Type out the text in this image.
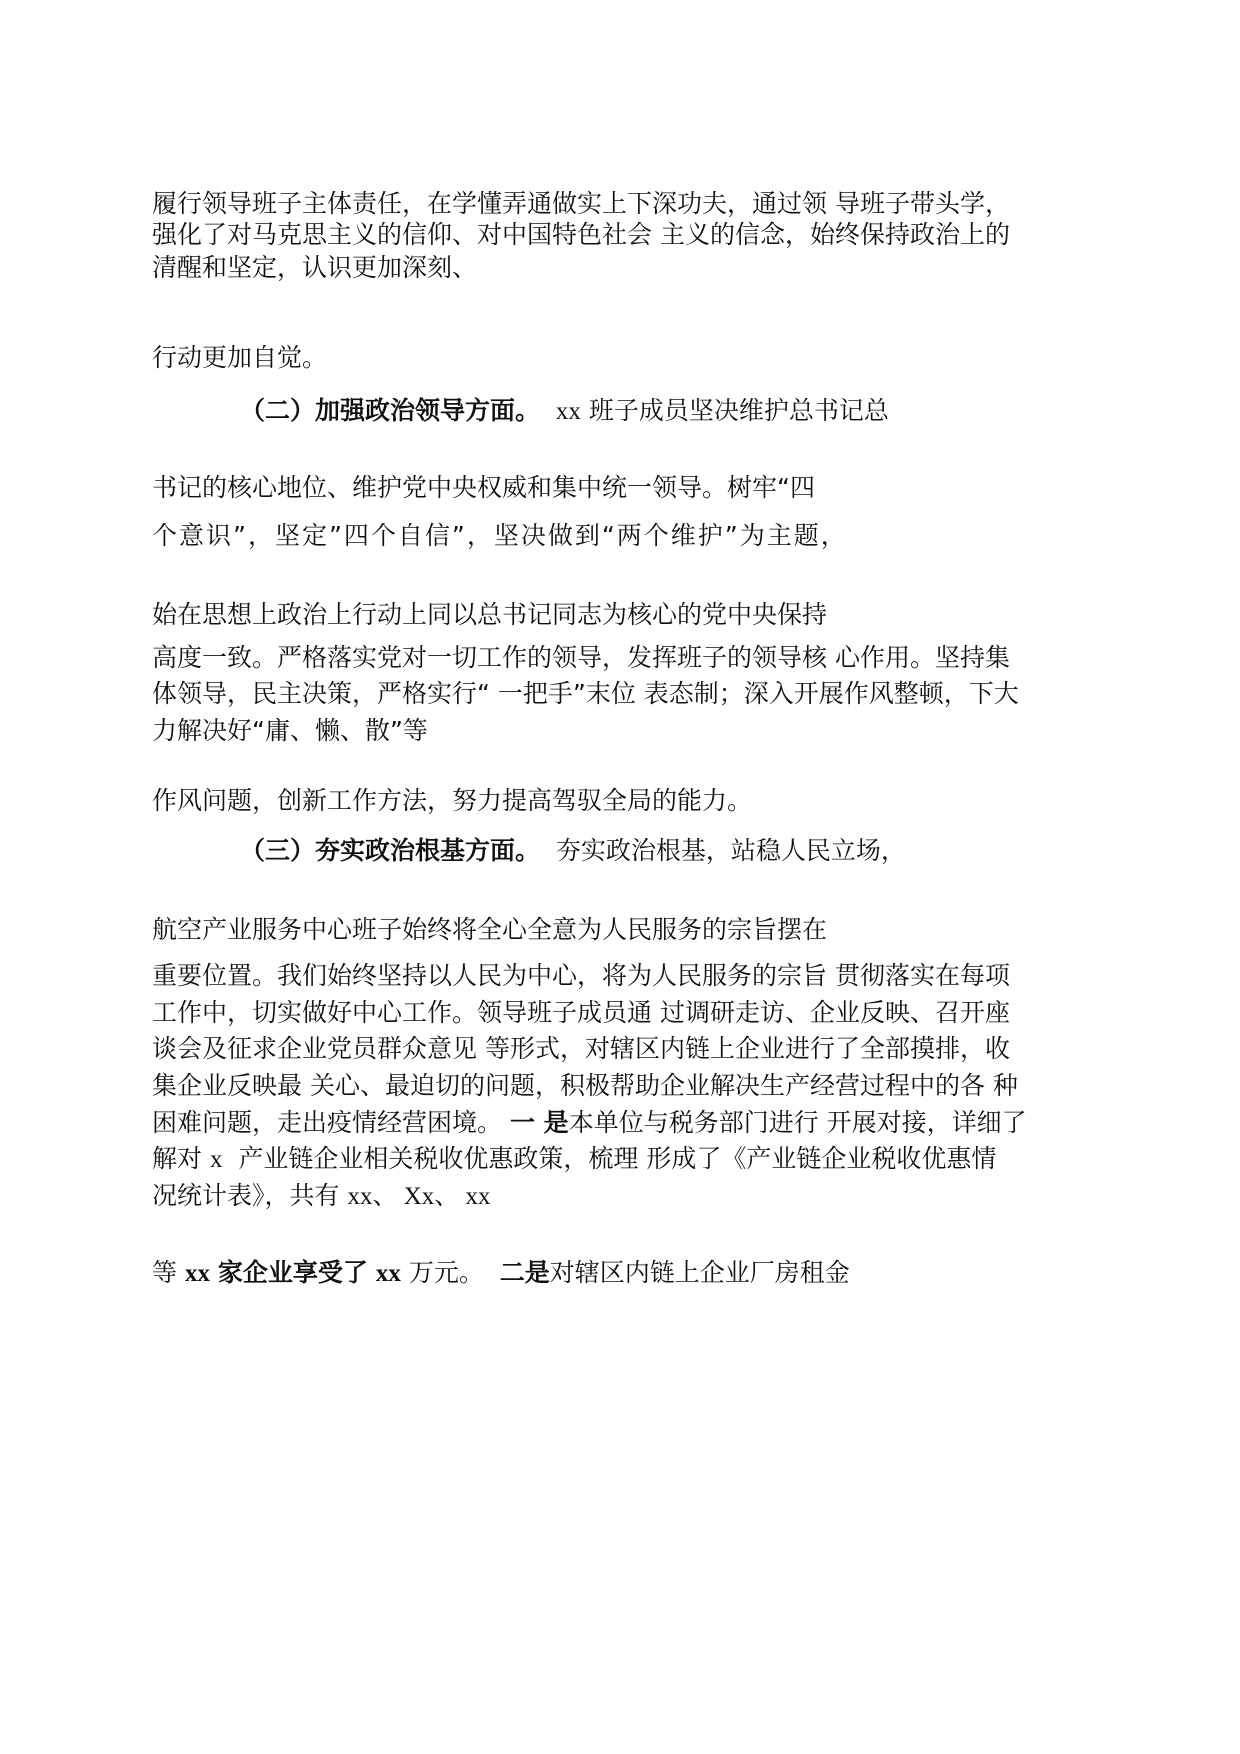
履行领导班子主体责任，在学懂弄通做实上下深功夫，通过领 导班子带头学，

强化了对马克思主义的信仰、对中国特色社会 主义的信念，始终保持政治上的

清醒和坚定，认识更加深刻、

行动更加自觉。

（二）加强政治领导方面。 xx 班子成员坚决维护总书记总

书记的核心地位、维护党中央权威和集中统一领导。树牢“四

个意识”，坚定”四个自信”，坚决做到“两个维护”为主题，

始在思想上政治上行动上同以总书记同志为核心的党中央保持

高度一致。严格落实党对一切工作的领导，发挥班子的领导核 心作用。坚持集

体领导，民主决策，严格实行“ 一把手”末位 表态制；深入开展作风整顿，下大

力解决好“庸、懒、散”等

作风问题，创新工作方法，努力提高驾驭全局的能力。

（三）夯实政治根基方面。 夯实政治根基，站稳人民立场，

航空产业服务中心班子始终将全心全意为人民服务的宗旨摆在

重要位置。我们始终坚持以人民为中心，将为人民服务的宗旨 贯彻落实在每项

工作中，切实做好中心工作。领导班子成员通 过调研走访、企业反映、召开座

谈会及征求企业党员群众意见 等形式，对辖区内链上企业进行了全部摸排，收

集企业反映最 关心、最迫切的问题，积极帮助企业解决生产经营过程中的各 种

困难问题，走出疫情经营困境。 一 是本单位与税务部门进行 开展对接，详细了

解对 x 产业链企业相关税收优惠政策，梳理 形成了《产业链企业税收优惠情

况统计表》，共有 xx、 Xx、 xx

等 xx 家企业享受了 xx 万元。 二是对辖区内链上企业厂房租金
